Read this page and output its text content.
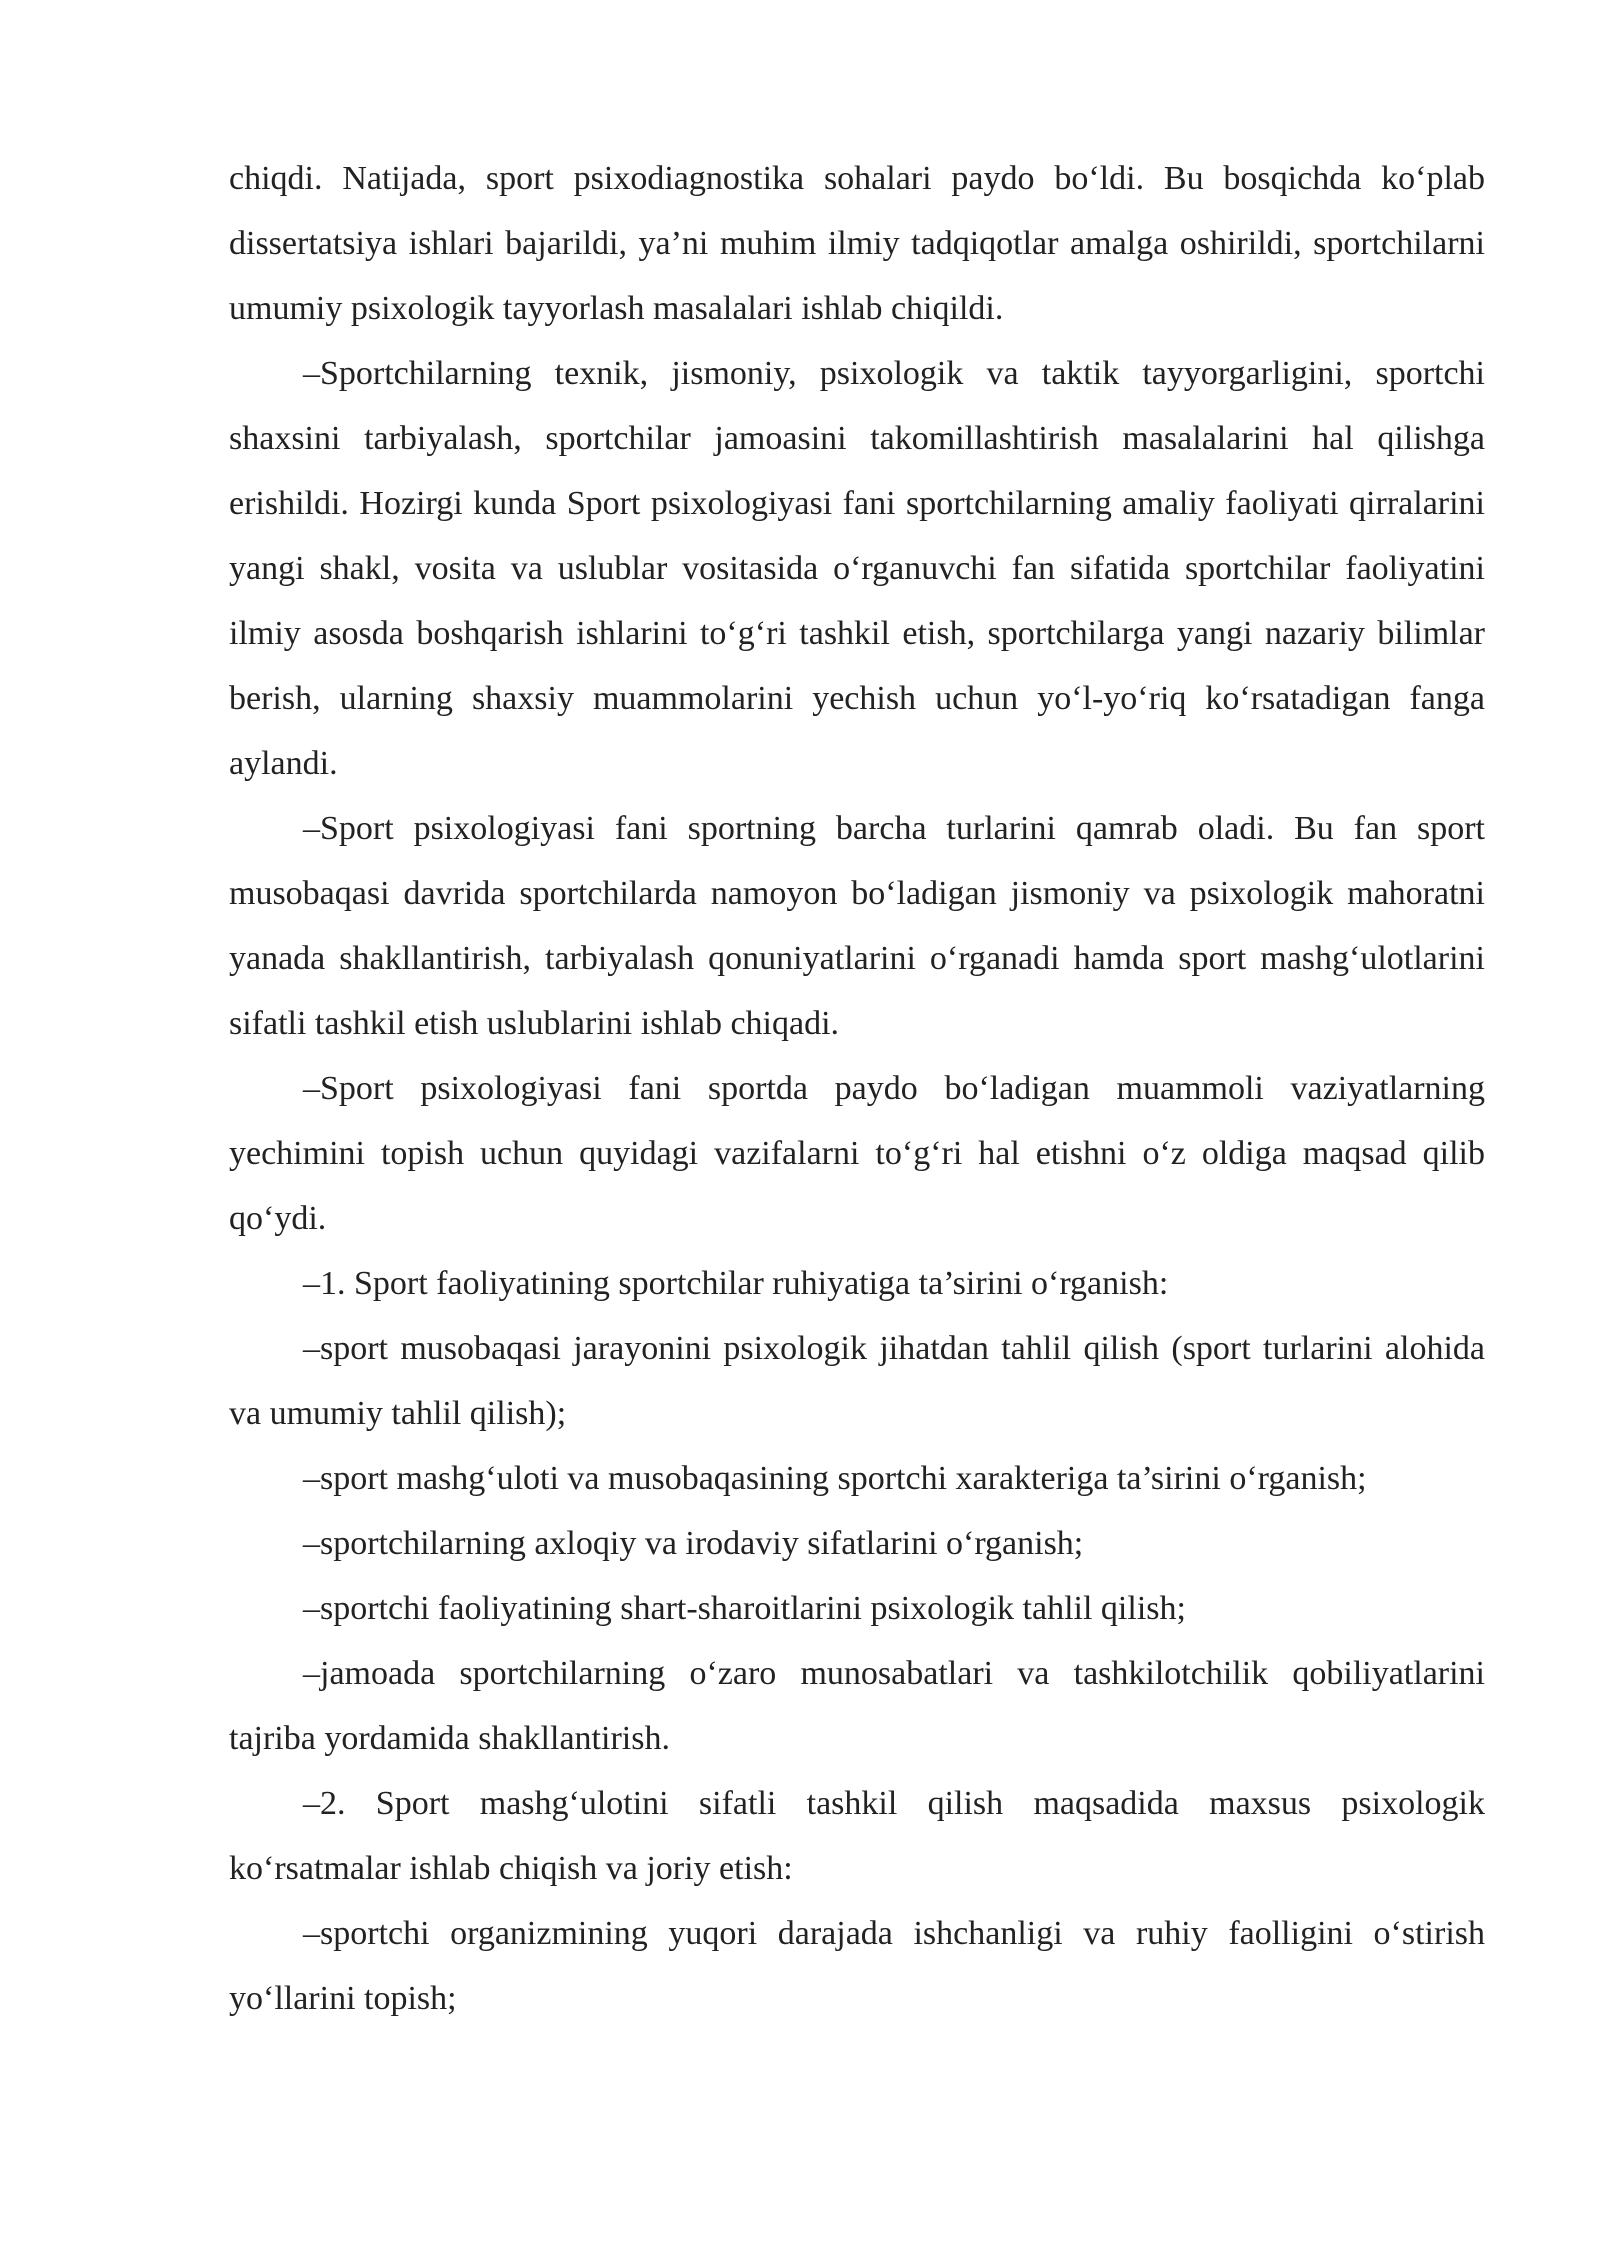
chiqdi. Natijada, sport psixodiagnostika sohalari paydo bo‘ldi. Bu bosqichda ko‘plab dissertatsiya ishlari bajarildi, ya’ni muhim ilmiy tadqiqotlar amalga oshirildi, sportchilarni umumiy psixologik tayyorlash masalalari ishlab chiqildi.

–Sportchilarning texnik, jismoniy, psixologik va taktik tayyorgarligini, sportchi shaxsini tarbiyalash, sportchilar jamoasini takomillashtirish masalalarini hal qilishga erishildi. Hozirgi kunda Sport psixologiyasi fani sportchilarning amaliy faoliyati qirralarini yangi shakl, vosita va uslublar vositasida o‘rganuvchi fan sifatida sportchilar faoliyatini ilmiy asosda boshqarish ishlarini to‘g‘ri tashkil etish, sportchilarga yangi nazariy bilimlar berish, ularning shaxsiy muammolarini yechish uchun yo‘l-yo‘riq ko‘rsatadigan fanga aylandi.

–Sport psixologiyasi fani sportning barcha turlarini qamrab oladi. Bu fan sport musobaqasi davrida sportchilarda namoyon bo‘ladigan jismoniy va psixologik mahoratni yanada shakllantirish, tarbiyalash qonuniyatlarini o‘rganadi hamda sport mashg‘ulotlarini sifatli tashkil etish uslublarini ishlab chiqadi.

–Sport psixologiyasi fani sportda paydo bo‘ladigan muammoli vaziyatlarning yechimini topish uchun quyidagi vazifalarni to‘g‘ri hal etishni o‘z oldiga maqsad qilib qo‘ydi.

–1. Sport faoliyatining sportchilar ruhiyatiga ta’sirini o‘rganish:

–sport musobaqasi jarayonini psixologik jihatdan tahlil qilish (sport turlarini alohida va umumiy tahlil qilish);

–sport mashg‘uloti va musobaqasining sportchi xarakteriga ta’sirini o‘rganish;

–sportchilarning axloqiy va irodaviy sifatlarini o‘rganish;

–sportchi faoliyatining shart-sharoitlarini psixologik tahlil qilish;

–jamoada sportchilarning o‘zaro munosabatlari va tashkilotchilik qobiliyatlarini tajriba yordamida shakllantirish.

–2. Sport mashg‘ulotini sifatli tashkil qilish maqsadida maxsus psixologik ko‘rsatmalar ishlab chiqish va joriy etish:

–sportchi organizmining yuqori darajada ishchanligi va ruhiy faolligini o‘stirish yo‘llarini topish;
